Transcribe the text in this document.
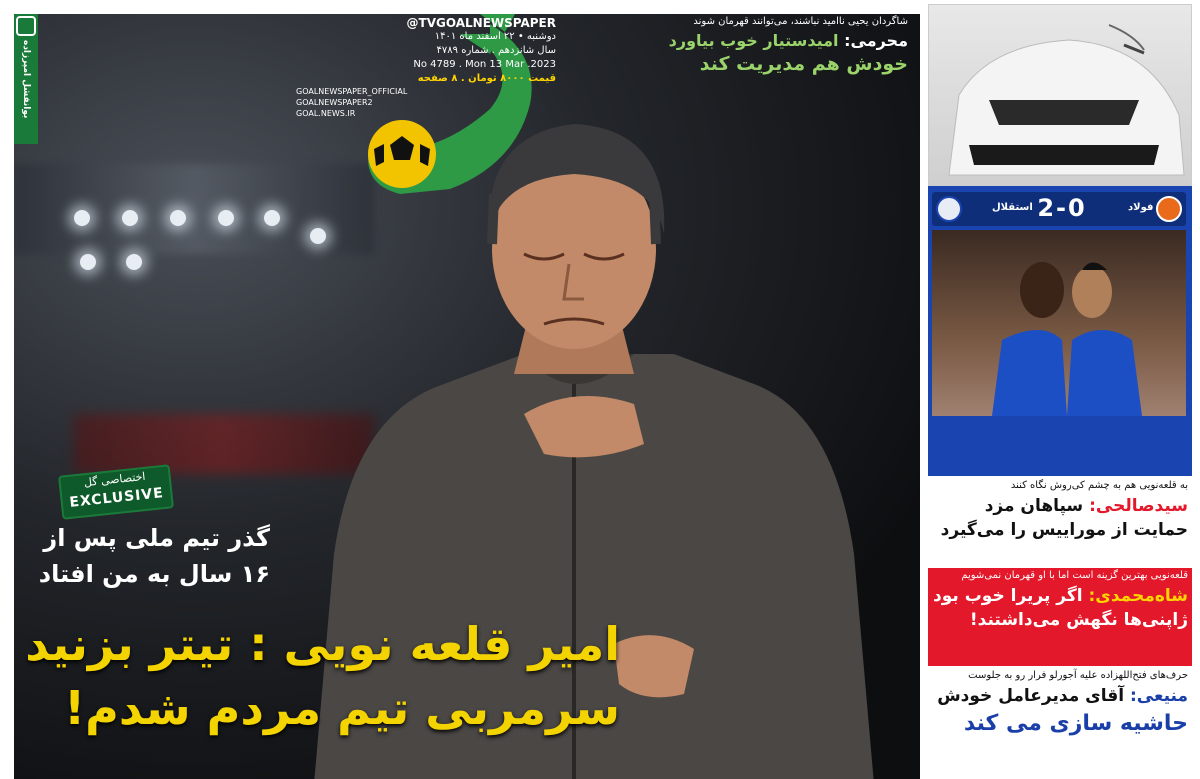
بوانفشل امپرزاده
@TVGOALNEWSPAPER
دوشنبه • ۲۲ اسفند ماه ۱۴۰۱
سال شانزدهم . شماره ۴۷۸۹
No 4789 . Mon 13 Mar .2023
قیمت ۸۰۰۰ تومان . ۸ صفحه
GOALNEWSPAPER_OFFICIAL
GOALNEWSPAPER2
GOAL.NEWS.IR
شاگردان یحیی ناامید نباشند، می‌توانند قهرمان شوند
محرمی: امیدستیار خوب بیاورد
خودش هم مدیریت کند
اختصاصی گل
EXCLUSIVE
گذر تیم ملی پس از
۱۶ سال به من افتاد
امیر قلعه نویی : تیتر بزنید
سرمربی تیم مردم شدم!
استقلال 2-0	فولاد
به قلعه‌نویی هم به چشم کی‌روش نگاه کنند
سیدصالحی: سپاهان مزد
حمایت از موراییس را می‌گیرد
قلعه‌نویی بهترین گزینه است اما با او قهرمان نمی‌شویم
شاه‌محمدی: اگر پریرا خوب بود
ژاپنی‌ها نگهش می‌داشتند!
حرف‌های فتح‌اللهزاده علیه آجورلو فرار رو به جلوست
منیعی: آقای مدیرعامل خودش
حاشیه سازی می کند
